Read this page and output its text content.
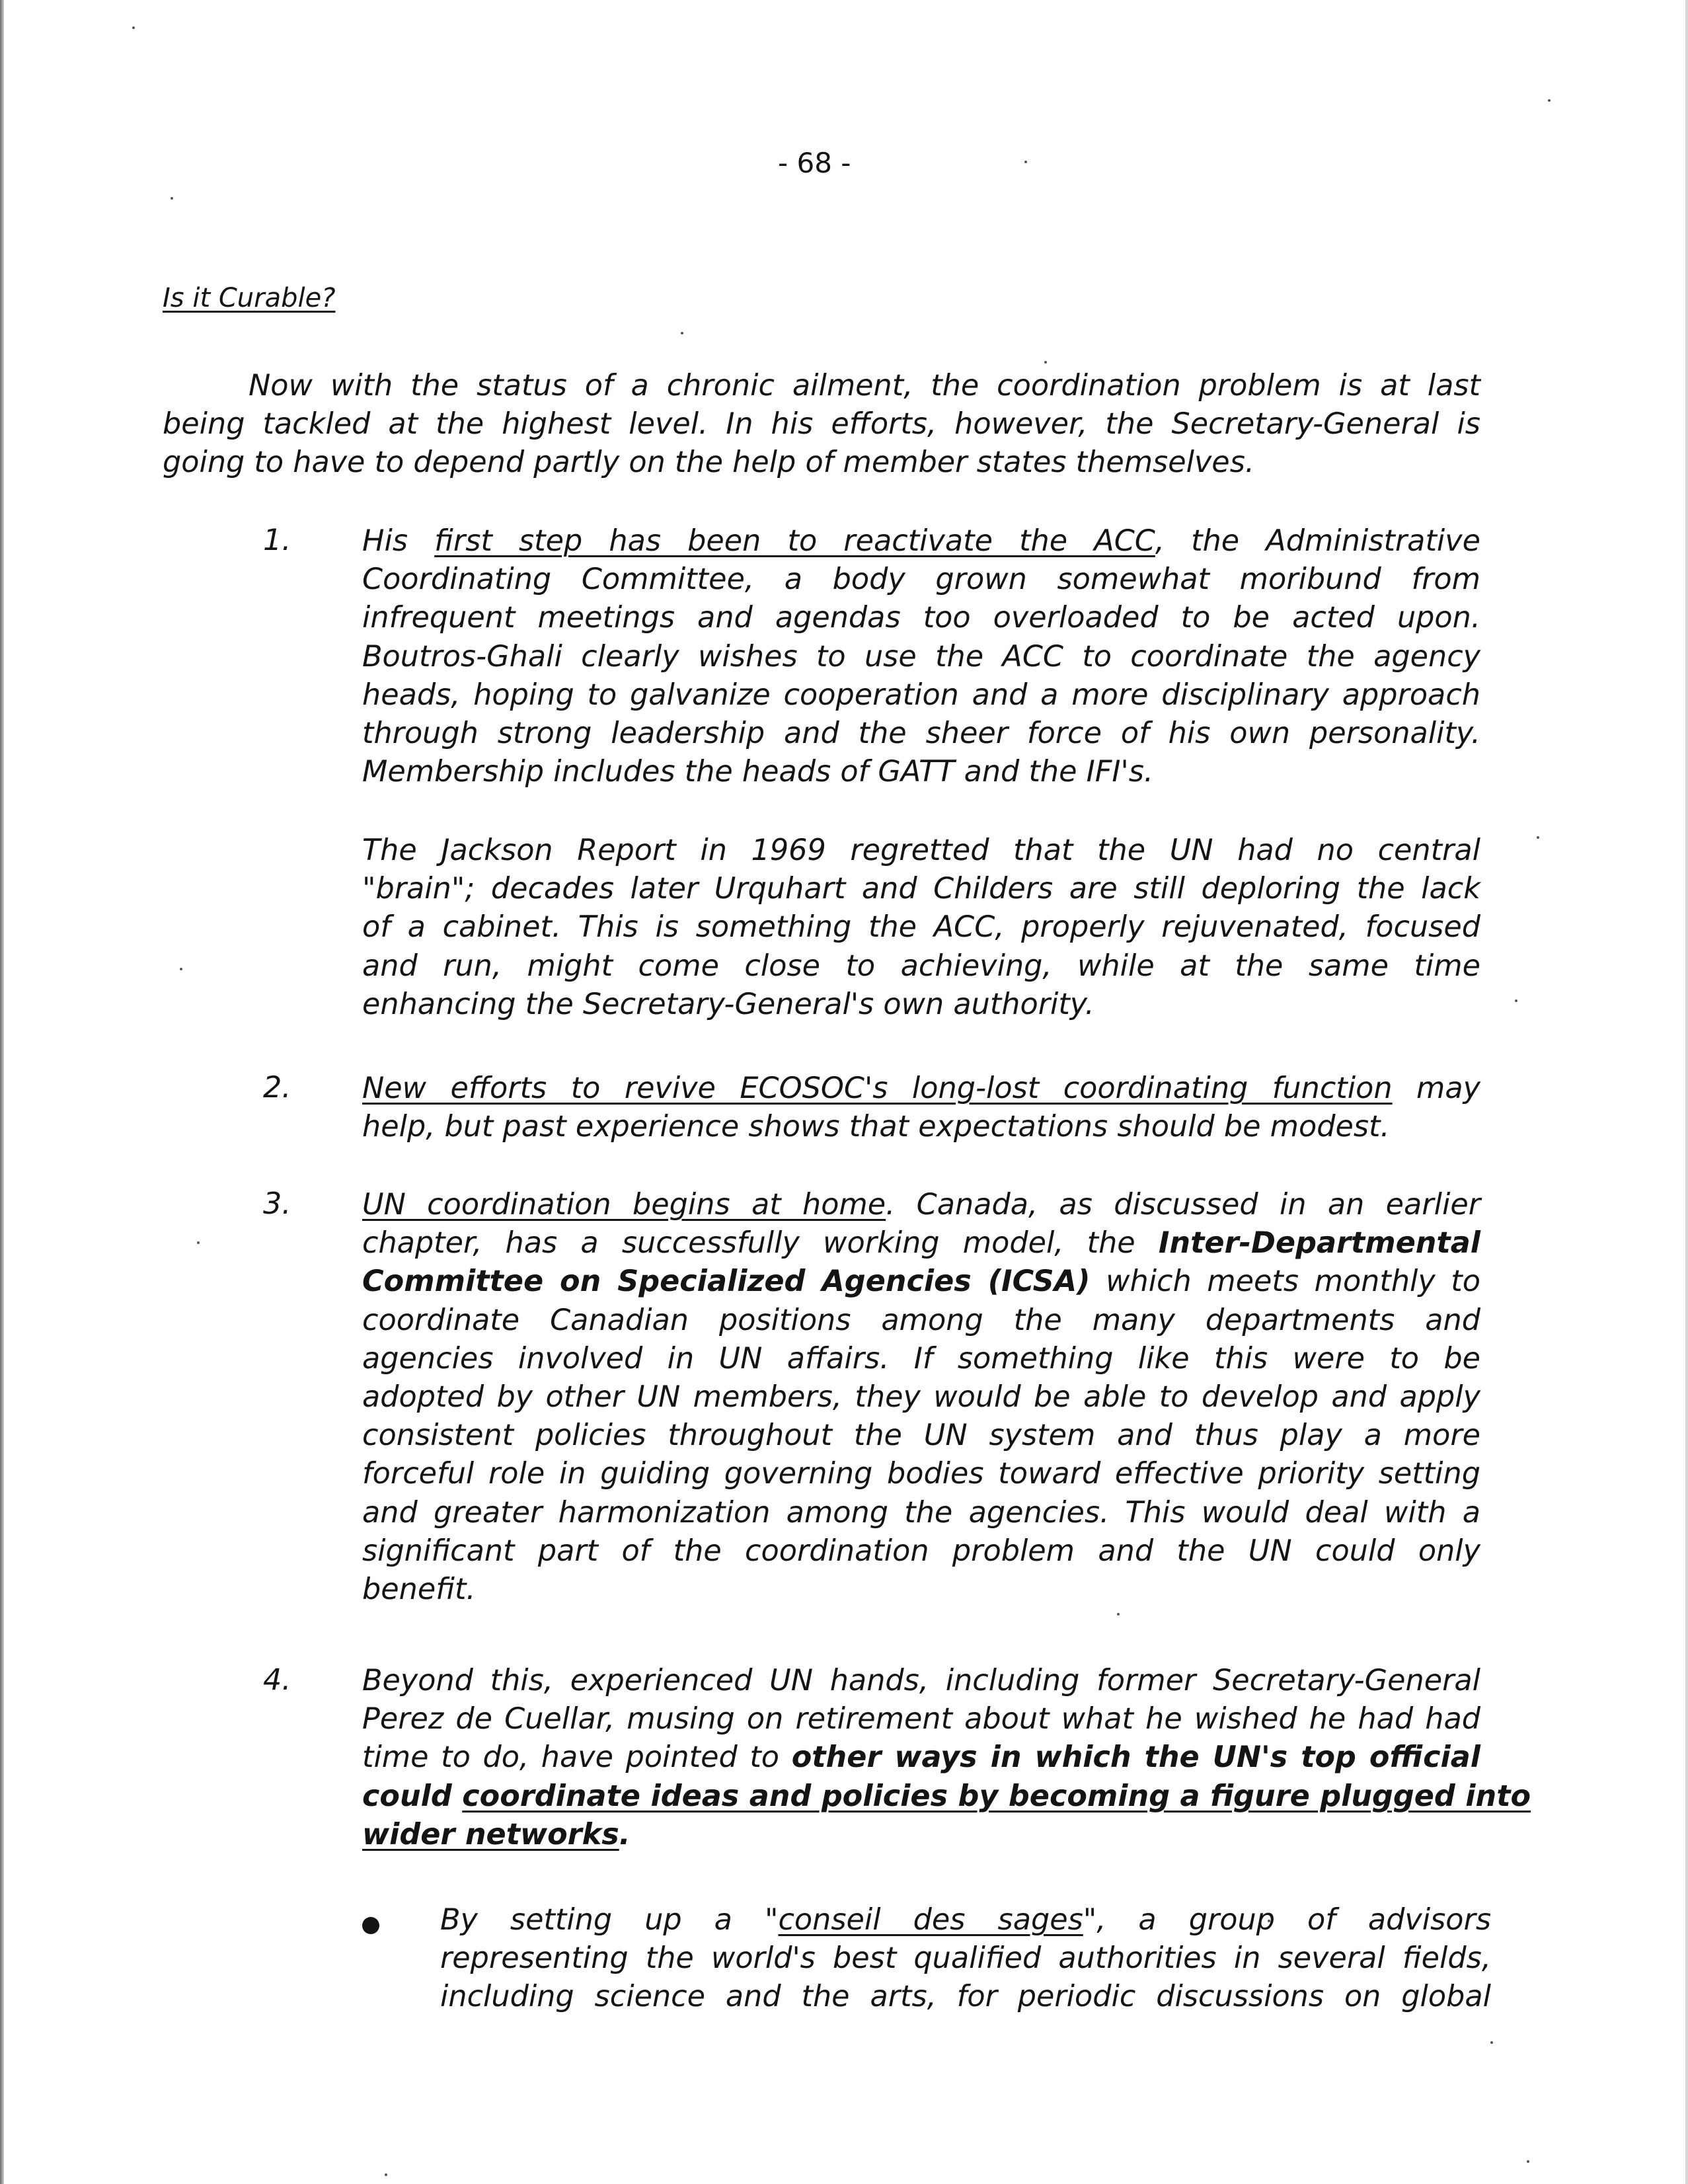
- 68 -
Is it Curable?
Now with the status of a chronic ailment, the coordination problem is at last
being tackled at the highest level. In his efforts, however, the Secretary-General is
going to have to depend partly on the help of member states themselves.
1. His first step has been to reactivate the ACC, the Administrative
Coordinating Committee, a body grown somewhat moribund from
infrequent meetings and agendas too overloaded to be acted upon.
Boutros-Ghali clearly wishes to use the ACC to coordinate the agency
heads, hoping to galvanize cooperation and a more disciplinary approach
through strong leadership and the sheer force of his own personality.
Membership includes the heads of GATT and the IFI's.
The Jackson Report in 1969 regretted that the UN had no central
"brain"; decades later Urquhart and Childers are still deploring the lack
of a cabinet. This is something the ACC, properly rejuvenated, focused
and run, might come close to achieving, while at the same time
enhancing the Secretary-General's own authority.
2. New efforts to revive ECOSOC's long-lost coordinating function may
help, but past experience shows that expectations should be modest.
3. UN coordination begins at home. Canada, as discussed in an earlier
chapter, has a successfully working model, the Inter-Departmental
Committee on Specialized Agencies (ICSA) which meets monthly to
coordinate Canadian positions among the many departments and
agencies involved in UN affairs. If something like this were to be
adopted by other UN members, they would be able to develop and apply
consistent policies throughout the UN system and thus play a more
forceful role in guiding governing bodies toward effective priority setting
and greater harmonization among the agencies. This would deal with a
significant part of the coordination problem and the UN could only
benefit.
4. Beyond this, experienced UN hands, including former Secretary-General
Perez de Cuellar, musing on retirement about what he wished he had had
time to do, have pointed to other ways in which the UN's top official
could coordinate ideas and policies by becoming a figure plugged into
wider networks.
By setting up a "conseil des sages", a group of advisors
representing the world's best qualified authorities in several fields,
including science and the arts, for periodic discussions on global
